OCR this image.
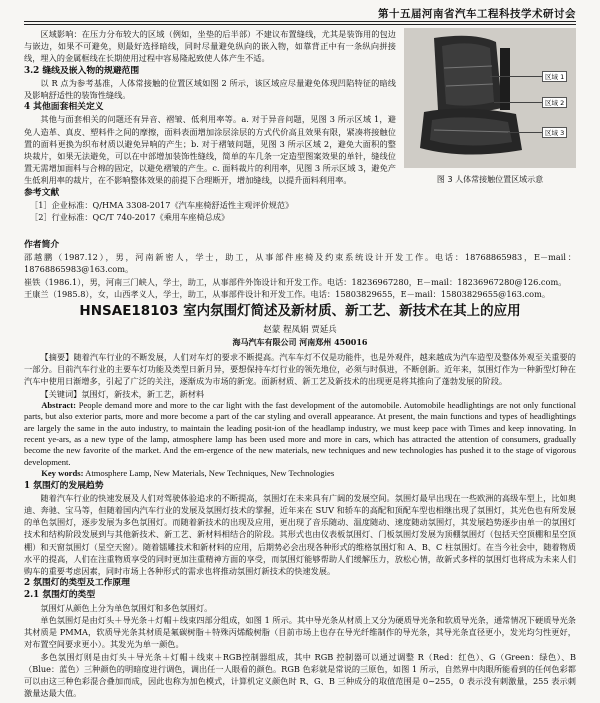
第十五届河南省汽车工程科技学术研讨会

区域影响：在压力分布较大的区域（例如，坐垫的后半部）不建议布置缝线，尤其是装饰用的包边与嵌边，如果不可避免，则最好选择暗线，同时尽量避免纵向的嵌入物，如靠背正中有一条纵向拼接线，埋入的金属框线在长期使用过程中容易隆起致使人体产生不适。

3.2 缝线及嵌入物的规避范围

以 R 点为参考基准，人体常接触的位置区域如图 2 所示，该区域应尽量避免体现凹陷特征的暗线及影响舒适性的装饰性缝线。

4 其他面套相关定义

其他与面套相关的问题还有异音、褶皱、低利用率等。a. 对于异音问题，见图 3 所示区域 1，避免人造革、真皮、塑料件之间的摩擦，面料表面增加涂层涂层的方式代价高且效果有限，紧凑将接触位置的面料更换为织布材质以避免异响的产生；b. 对于褶皱问题，见图 3 所示区域 2，避免大面积的整块裁片，如果无法避免，可以在中部增加装饰性缝线，简单的车几条一定造型图案效果的单针，缝线位置无需增加面料与合棉的固定，以避免褶皱的产生。c. 面料裁片的利用率，见图 3 所示区域 3，避免产生低利用率的裁片，在不影响整体效果的前提下合理断开，增加缝线，以提升面料利用率。

参考文献

［1］企业标准：Q/HMA 3308-2017《汽车座椅舒适性主观评价规范》

［2］行业标准：QC/T 740-2017《乘用车座椅总成》

区域 1
区域 2
区域 3
图 3 人体常接触位置区域示意

作者简介

邵越鹏（1987.12），男，河南新密人，学士，助工，从事部件座椅及约束系统设计开发工作。电话：18768865983，E－mail：18768865983@163.com。

崔铁（1986.1），男，河南三门峡人，学士，助工，从事部件外饰设计和开发工作。电话：18236967280，E－mail：18236967280@126.com。

王康兰（1985.8），女，山西孝义人，学士，助工，从事部件设计和开发工作。电话：15803829655，E－mail：15803829655@163.com。

HNSAE18103 室内氛围灯简述及新材质、新工艺、新技术在其上的应用
赵蒙 程凤娟 贾延兵
海马汽车有限公司 河南郑州 450016

【摘要】随着汽车行业的不断发展，人们对车灯的要求不断提高。汽车车灯不仅是功能件，也是外观件，越来越成为汽车造型及整体外观至关重要的一部分。目前汽车行业的主要车灯功能及类型日新月异，要想保持车灯行业的领先地位，必须与时俱进，不断创新。近年来，氛围灯作为一种新型灯种在汽车中使用日渐增多，引起了广泛的关注，逐渐成为市场的新宠。面新材质、新工艺及新技术的出现更是将其推向了蓬勃发展的阶段。

【关键词】氛围灯，新技术，新工艺，新材料

Abstract: People demand more and more to the car light with the fast development of the automobile. Automobile headlightings are not only functional parts, but also exterior parts, more and more become a part of the car styling and overall appearance. At present, the main functions and types of headlightings are largely the same in the auto industry, to maintain the leading posit-ion of the headlamp industry, we must keep pace with Times and keep innovating. In recent ye-ars, as a new type of the lamp, atmosphere lamp has been used more and more in cars, which has attracted the attention of consumers, gradually become the new favorite of the market. And the em-ergence of the new materials, new techniques and new technologies has pushed it to the stage of vigorous development.

Key words: Atmosphere Lamp, New Materials, New Techniques, New Technologies

1 氛围灯的发展趋势

随着汽车行业的快速发展及人们对驾驶体验追求的不断提高，氛围灯在未来具有广阔的发展空间。氛围灯最早出现在一些欧洲的高级车型上，比如奥迪、奔驰、宝马等，但随着国内汽车行业的发展及氛围灯技术的掌握，近年来在 SUV 和轿车的高配和顶配车型也相继出现了氛围灯，其光色也有所发展的单色氛围灯，逐步发展为多色氛围灯。而随着新技术的出现及应用，更出现了音乐随动、温度随动、速度随动氛围灯，其发展趋势逐步由单一的氛围灯技术和结构阶段发展到与其他新技术、新工艺、新材料相结合的阶段。其形式也由仪表板氛围灯、门板氛围灯发展为顶棚氛围灯（包括天空顶棚和星空顶棚）和天窗氛围灯（星空天窗）。随着镭雕技术和新材料的应用，后期势必会出现各种形式的维格氛围灯和 A、B、C 柱氛围灯。在当今社会中，随着物质水平的提高，人们在注重物质享受的同时更加注重精神方面的享受，而氛围灯能够帮助人们缓解压力，放松心情，故新式多样的氛围灯也将成为未来人们购车的重要考虑因素，同时市场上各种形式的需求也将推动氛围灯新技术的快速发展。

2 氛围灯的类型及工作原理

2.1 氛围灯的类型

氛围灯从颜色上分为单色氛围灯和多色氛围灯。

单色氛围灯是由灯头＋导光条＋灯帽＋线束四部分组成，如图 1 所示。其中导光条从材质上又分为硬质导光条和软质导光条，通常情况下硬质导光条其材质是 PMMA，软质导光条其材质是氟碳树脂＋特殊丙烯酸树脂（目前市场上也存在导光纤维制作的导光条，其导光条直径更小，发光均匀性更好，对布置空间要求更小）。其发光为单一颜色。

多色氛围灯则是由灯头＋导光条＋灯帽＋线束＋RGB控制器组成，其中 RGB 控制器可以通过调整 R（Red：红色）、G（Green：绿色）、B（Blue：蓝色）三种颜色的明暗度进行调色，调出任一人眼看的颜色。RGB 色彩就是常说的三原色，如图 1 所示，自然界中肉眼所能看到的任何色彩都可以由这三种色彩混合叠加而成，因此也称为加色模式，计算机定义颜色时 R、G、B 三种成分的取值范围是 0~255，0 表示没有刺激量，255 表示刺激量达最大值。
